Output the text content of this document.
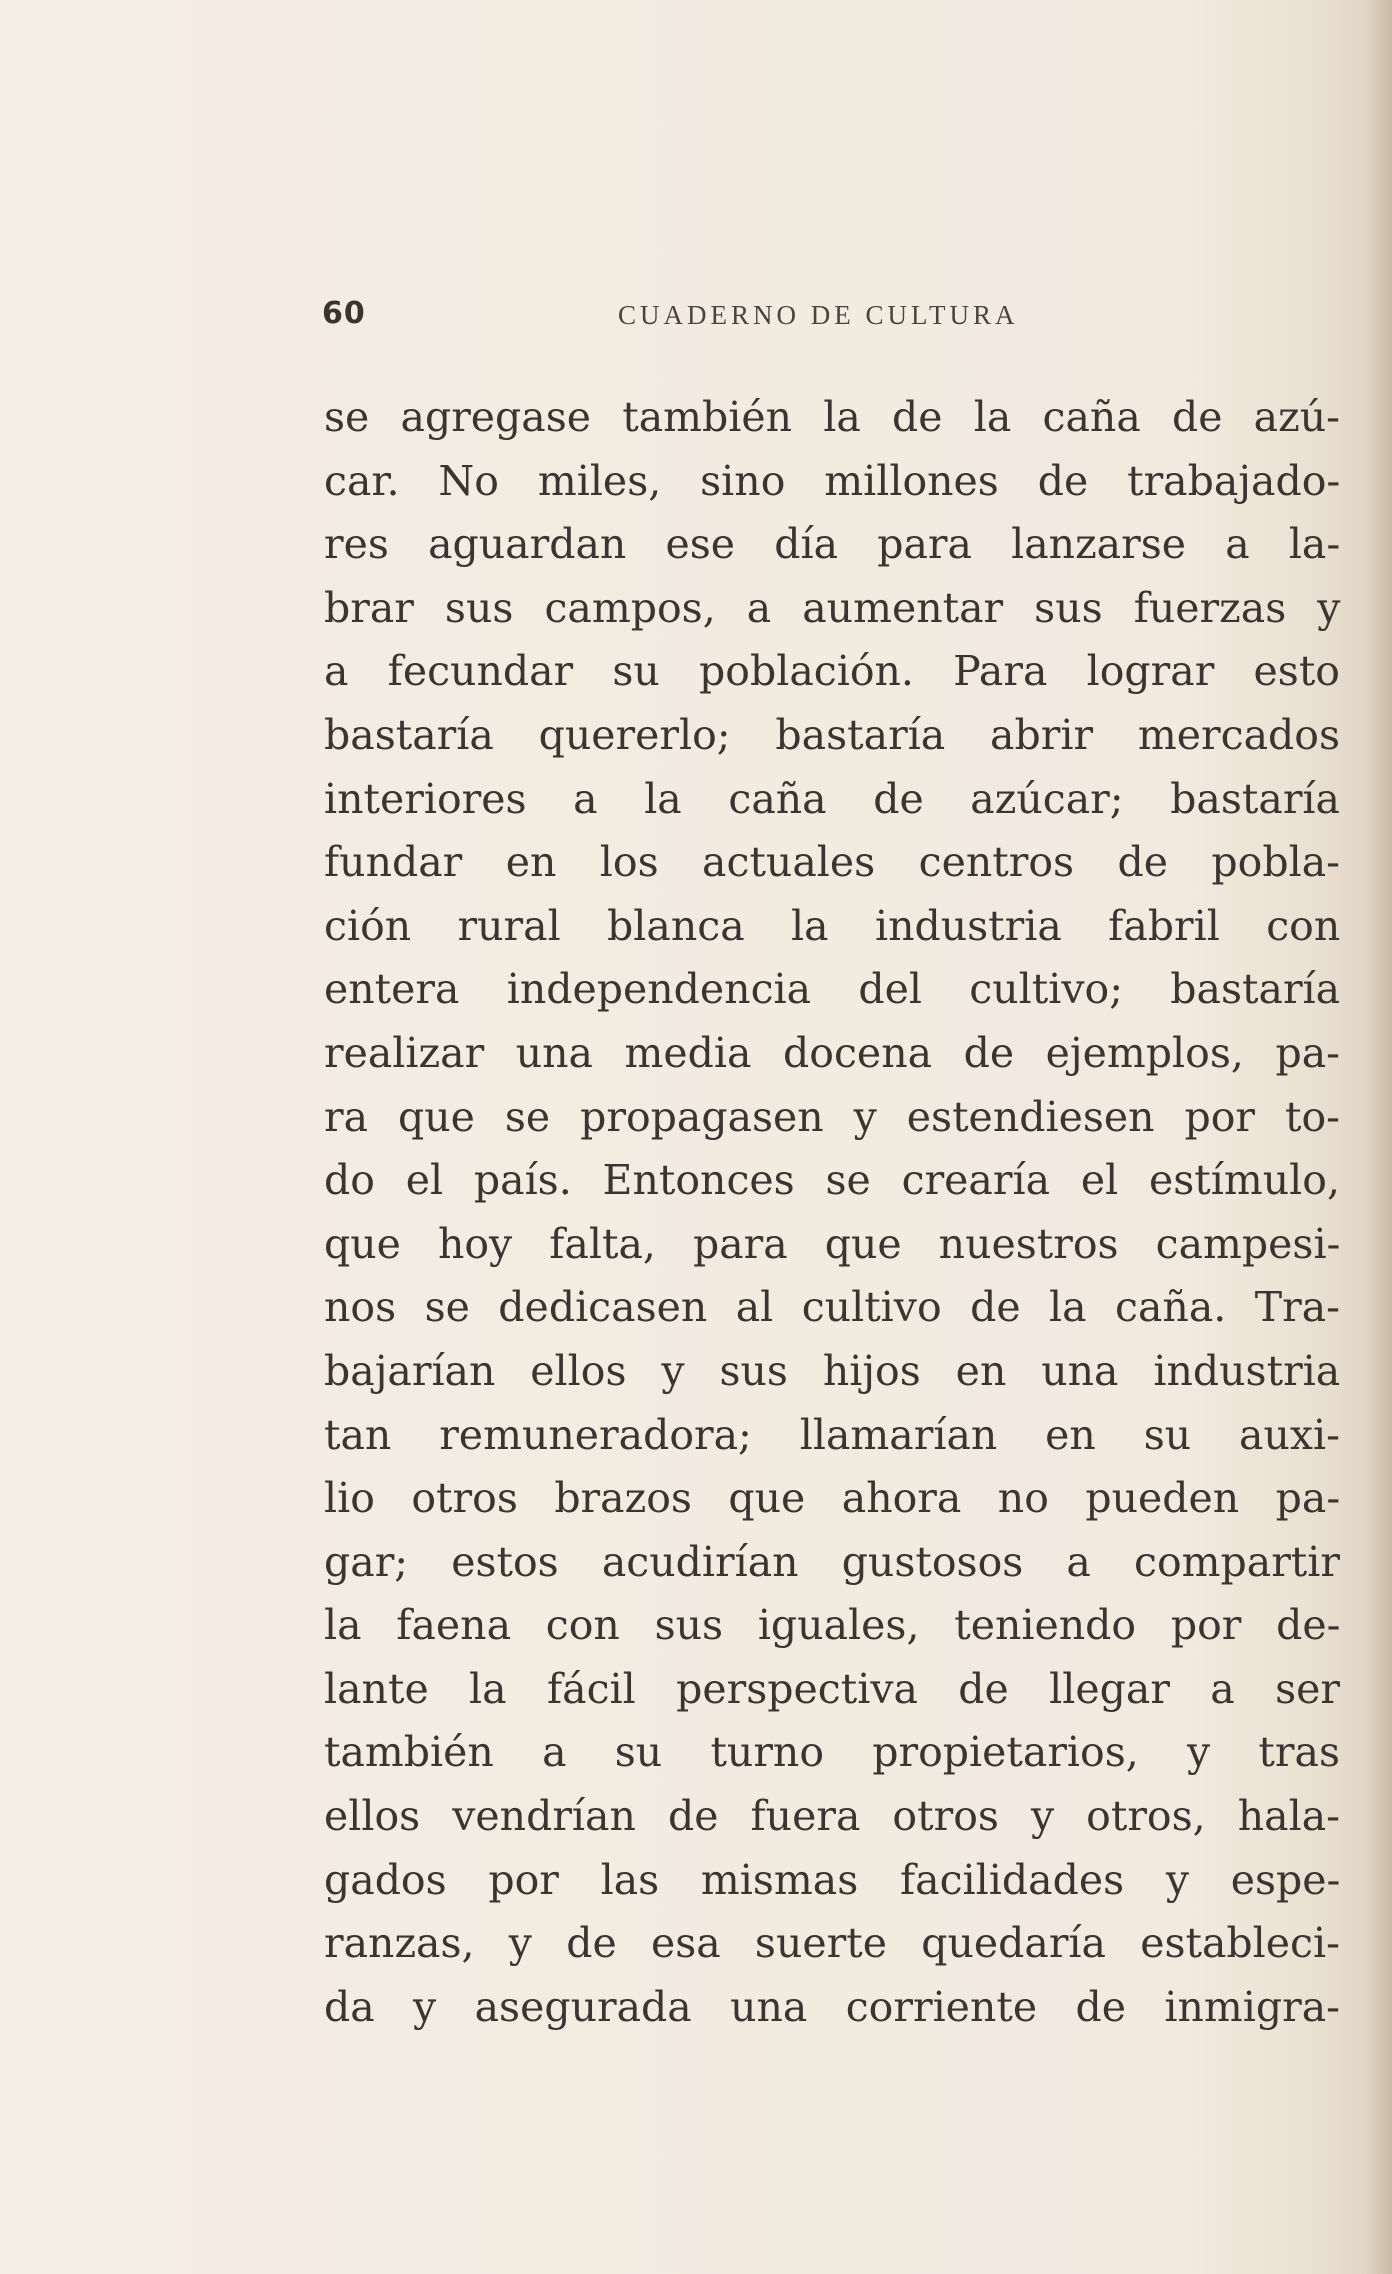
60	CUADERNO DE CULTURA
se agregase también la de la caña de azú-
car. No miles, sino millones de trabajado-
res aguardan ese día para lanzarse a la-
brar sus campos, a aumentar sus fuerzas y
a fecundar su población. Para lograr esto
bastaría quererlo; bastaría abrir mercados
interiores a la caña de azúcar; bastaría
fundar en los actuales centros de pobla-
ción rural blanca la industria fabril con
entera independencia del cultivo; bastaría
realizar una media docena de ejemplos, pa-
ra que se propagasen y estendiesen por to-
do el país. Entonces se crearía el estímulo,
que hoy falta, para que nuestros campesi-
nos se dedicasen al cultivo de la caña. Tra-
bajarían ellos y sus hijos en una industria
tan remuneradora; llamarían en su auxi-
lio otros brazos que ahora no pueden pa-
gar; estos acudirían gustosos a compartir
la faena con sus iguales, teniendo por de-
lante la fácil perspectiva de llegar a ser
también a su turno propietarios, y tras
ellos vendrían de fuera otros y otros, hala-
gados por las mismas facilidades y espe-
ranzas, y de esa suerte quedaría estableci-
da y asegurada una corriente de inmigra-
